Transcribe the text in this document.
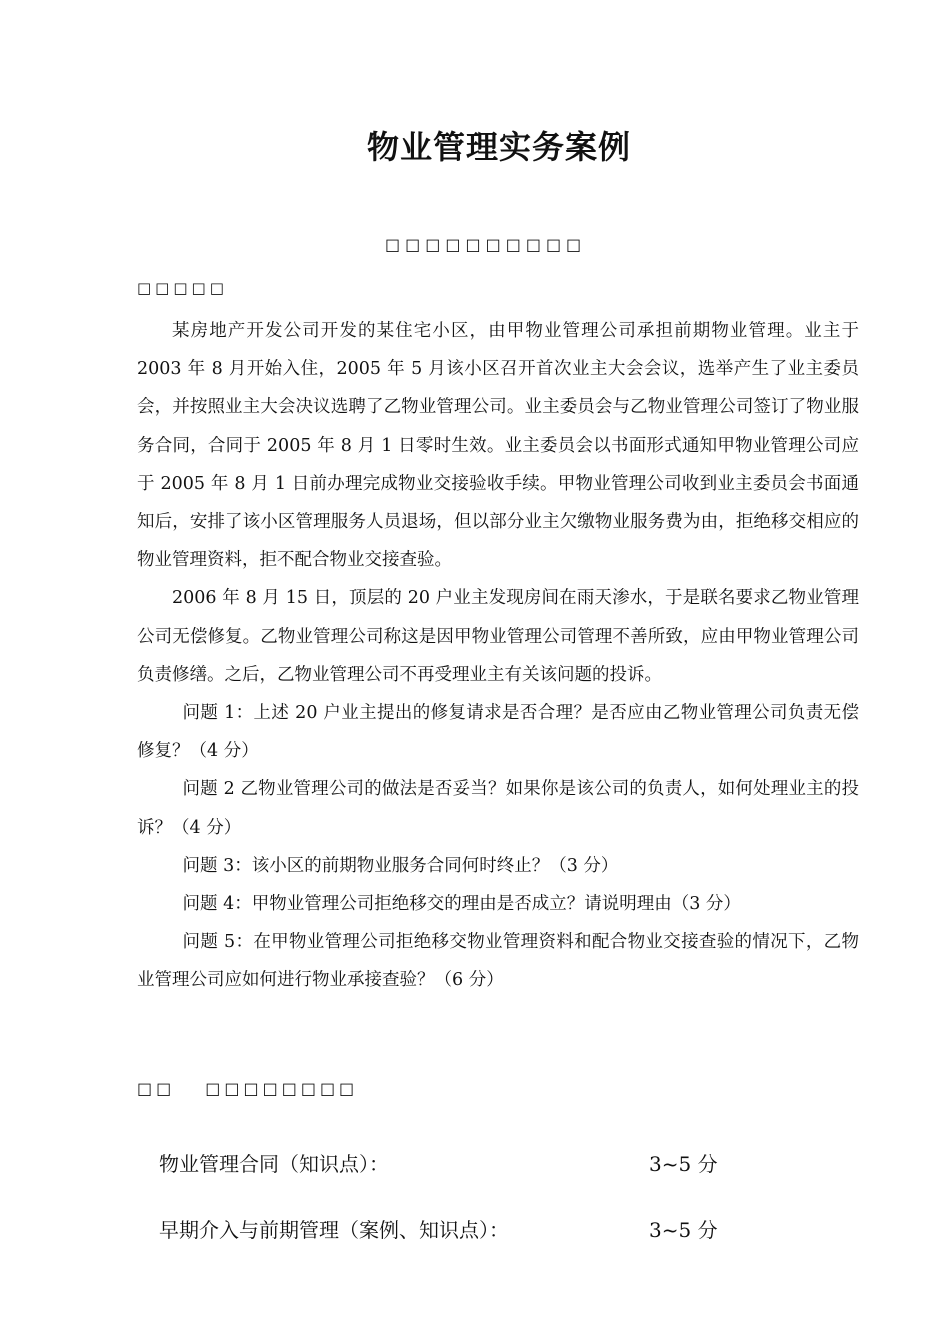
物业管理实务案例
□□□□□□□□□□
□□□□□

某房地产开发公司开发的某住宅小区，由甲物业管理公司承担前期物业管理。业主于 2003 年 8 月开始入住，2005 年 5 月该小区召开首次业主大会会议，选举产生了业主委员会，并按照业主大会决议选聘了乙物业管理公司。业主委员会与乙物业管理公司签订了物业服务合同，合同于 2005 年 8 月 1 日零时生效。业主委员会以书面形式通知甲物业管理公司应于 2005 年 8 月 1 日前办理完成物业交接验收手续。甲物业管理公司收到业主委员会书面通知后，安排了该小区管理服务人员退场，但以部分业主欠缴物业服务费为由，拒绝移交相应的物业管理资料，拒不配合物业交接查验。

2006 年 8 月 15 日，顶层的 20 户业主发现房间在雨天渗水，于是联名要求乙物业管理公司无偿修复。乙物业管理公司称这是因甲物业管理公司管理不善所致，应由甲物业管理公司负责修缮。之后，乙物业管理公司不再受理业主有关该问题的投诉。

问题 1：上述 20 户业主提出的修复请求是否合理？是否应由乙物业管理公司负责无偿修复？（4 分）

问题 2 乙物业管理公司的做法是否妥当？如果你是该公司的负责人，如何处理业主的投诉？（4 分）

问题 3：该小区的前期物业服务合同何时终止？（3 分）

问题 4：甲物业管理公司拒绝移交的理由是否成立？请说明理由（3 分）

问题 5：在甲物业管理公司拒绝移交物业管理资料和配合物业交接查验的情况下，乙物业管理公司应如何进行物业承接查验？（6 分）

□□ □□□□□□□□
物业管理合同（知识点）：	3~5 分
早期介入与前期管理（案例、知识点）：	3~5 分
